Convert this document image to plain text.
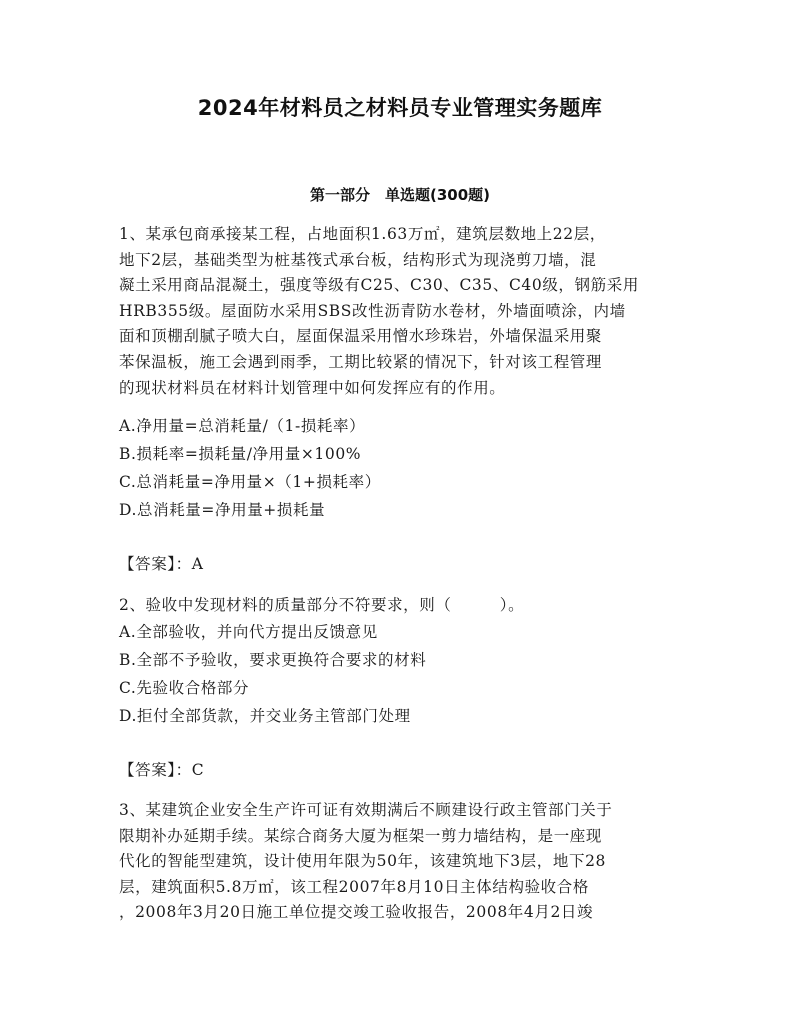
2024年材料员之材料员专业管理实务题库
第一部分　单选题(300题)
1、某承包商承接某工程，占地面积1.63万㎡，建筑层数地上22层，
地下2层，基础类型为桩基筏式承台板，结构形式为现浇剪刀墙，混
凝土采用商品混凝土，强度等级有C25、C30、C35、C40级，钢筋采用
HRB355级。屋面防水采用SBS改性沥青防水卷材，外墙面喷涂，内墙
面和顶棚刮腻子喷大白，屋面保温采用憎水珍珠岩，外墙保温采用聚
苯保温板，施工会遇到雨季，工期比较紧的情况下，针对该工程管理
的现状材料员在材料计划管理中如何发挥应有的作用。
A.净用量=总消耗量/（1-损耗率）
B.损耗率=损耗量/净用量×100%
C.总消耗量=净用量×（1+损耗率）
D.总消耗量=净用量+损耗量
【答案】：A
2、验收中发现材料的质量部分不符要求，则（　　　）。
A.全部验收，并向代方提出反馈意见
B.全部不予验收，要求更换符合要求的材料
C.先验收合格部分
D.拒付全部货款，并交业务主管部门处理
【答案】：C
3、某建筑企业安全生产许可证有效期满后不顾建设行政主管部门关于
限期补办延期手续。某综合商务大厦为框架一剪力墙结构，是一座现
代化的智能型建筑，设计使用年限为50年，该建筑地下3层，地下28
层，建筑面积5.8万㎡，该工程2007年8月10日主体结构验收合格
，2008年3月20日施工单位提交竣工验收报告，2008年4月2日竣
